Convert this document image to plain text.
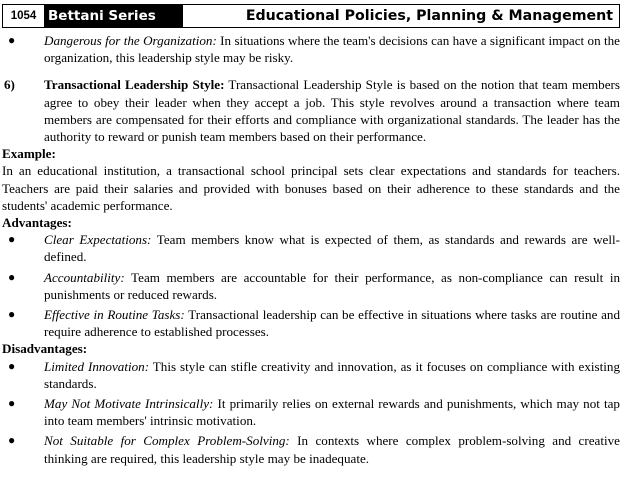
1054 Bettani Series	Educational Policies, Planning & Management
● Dangerous for the Organization: In situations where the team's decisions can have a significant impact on the organization, this leadership style may be risky.
6) Transactional Leadership Style: Transactional Leadership Style is based on the notion that team members agree to obey their leader when they accept a job. This style revolves around a transaction where team members are compensated for their efforts and compliance with organizational standards. The leader has the authority to reward or punish team members based on their performance.
Example:
In an educational institution, a transactional school principal sets clear expectations and standards for teachers. Teachers are paid their salaries and provided with bonuses based on their adherence to these standards and the students' academic performance.
Advantages:
● Clear Expectations: Team members know what is expected of them, as standards and rewards are well-defined.
● Accountability: Team members are accountable for their performance, as non-compliance can result in punishments or reduced rewards.
● Effective in Routine Tasks: Transactional leadership can be effective in situations where tasks are routine and require adherence to established processes.
Disadvantages:
● Limited Innovation: This style can stifle creativity and innovation, as it focuses on compliance with existing standards.
● May Not Motivate Intrinsically: It primarily relies on external rewards and punishments, which may not tap into team members' intrinsic motivation.
● Not Suitable for Complex Problem-Solving: In contexts where complex problem-solving and creative thinking are required, this leadership style may be inadequate.
